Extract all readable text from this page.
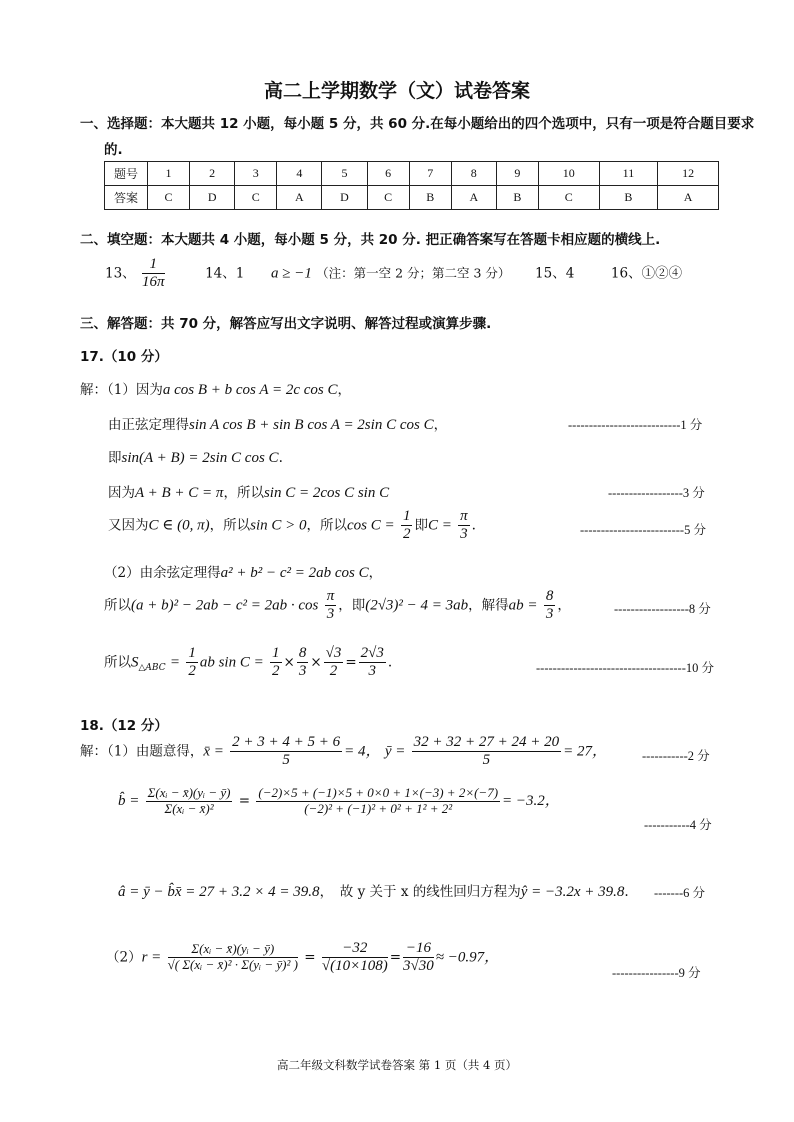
高二上学期数学（文）试卷答案
一、选择题：本大题共 12 小题，每小题 5 分，共 60 分.在每小题给出的四个选项中，只有一项是符合题目要求
的.
题号	1	2	3	4	5	6	7	8	9	10	11	12
答案	C	D	C	A	D	C	B	A	B	C	B	A
二、填空题：本大题共 4 小题，每小题 5 分，共 20 分. 把正确答案写在答题卡相应题的横线上.
13、 $\frac{1}{16\pi}$	14、1 a ≥ −1 （注：第一空 2 分；第二空 3 分） 15、4	16、①②④
三、解答题：共 70 分，解答应写出文字说明、解答过程或演算步骤.
17.（10 分）
解：（1）因为a cos B + b cos A = 2c cos C，
由正弦定理得sin A cos B + sin B cos A = 2sin C cos C，	---------------------------1 分
即sin(A + B) = 2sin C cos C.
因为A + B + C = π，所以sin C = 2cos C sin C	------------------3 分
又因为C ∈ (0, π)，所以sin C > 0，所以$\cos C = \frac{1}{2}$ 即$C = \frac{\pi}{3}$ .	-------------------------5 分
（2）由余弦定理得a² + b² − c² = 2ab cos C，
所以$(a + b)^2 - 2ab - c^2 = 2ab \cdot \cos \frac{\pi}{3}$ ，即(2√3)² − 4 = 3ab，解得ab = $\frac{8}{3}$ ，	------------------8 分
所以$S_{\triangle ABC} = \frac{1}{2}$ ab $\sin C = \frac{1}{2} \times \frac{8}{3} \times \frac{√3}{2} = \frac{2√3}{3}$ .	------------------------------------10 分
18.（12 分）
解：（1）由题意得，x̄ = $\frac{2 + 3 + 4 + 5 + 6}{5} = 4$， ȳ = $\frac{32 + 32 + 27 + 24 + 20}{5} = 27$，	-----------2 分
b̂ = $\frac{\text{Σ(xᵢ − x̄)(yᵢ − ȳ)}}{\text{Σ(xᵢ − x̄)²}} = \frac{(-2)\times 5 + (-1)\times 5 + 0\times 0 + 1\times(-3) + 2\times(-7)}{\text{(−2)² + (−1)² + 0² + 1² + 2²}} = -3.2$，
-----------4 分
â = ȳ − b̂x̄ = 27 + 3.2 × 4 = 39.8，　故 y 关于 x 的线性回归方程为ŷ = −3.2x + 39.8. -------6 分
$(2)r = \frac{\text{Σ(xᵢ − x̄)(yᵢ − ȳ)}}{\text{√( Σ(xᵢ − x̄)² · Σ(yᵢ − ȳ)² )}} = \frac{-32}{√(10\times 108)} = \frac{-16}{3√30} \approx -0.97$，
----------------9 分
高二年级文科数学试卷答案 第 1 页（共 4 页）
